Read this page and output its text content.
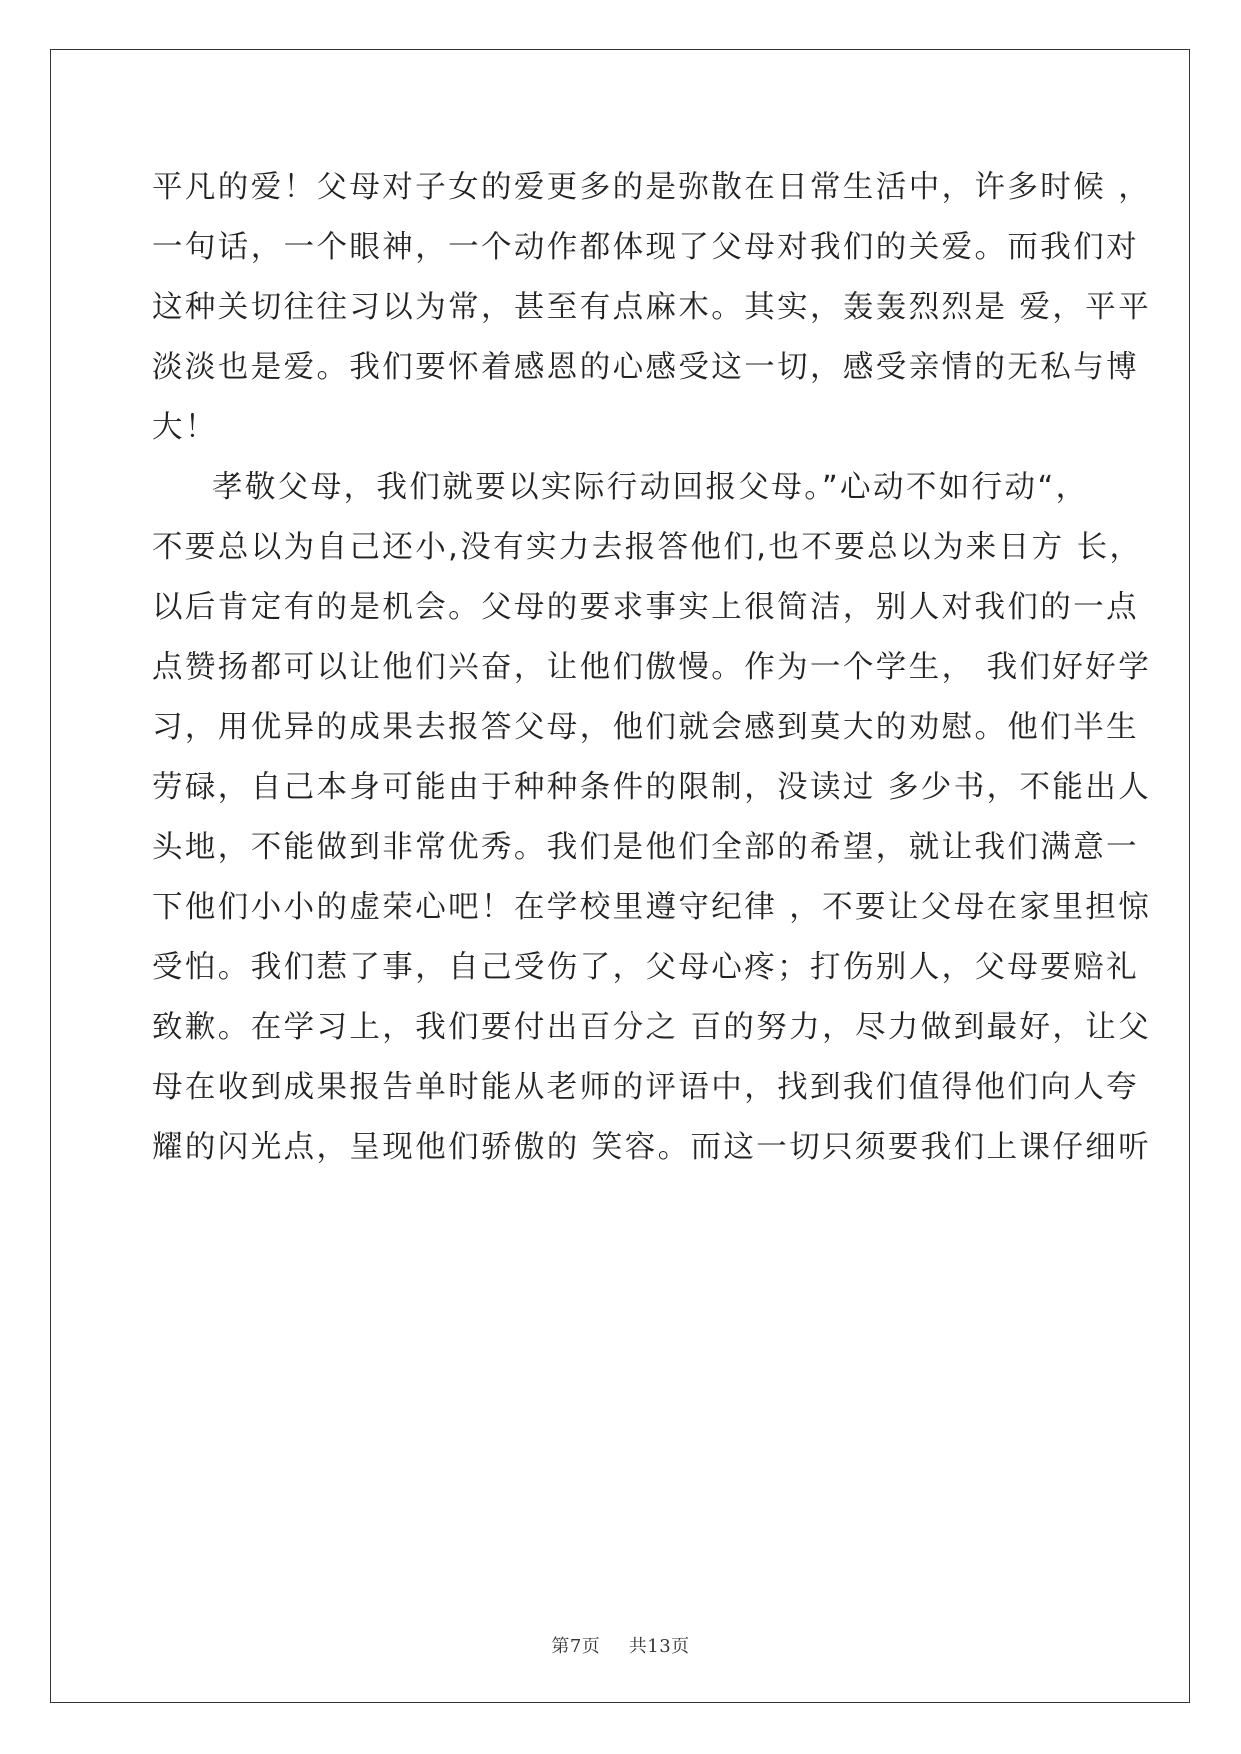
平凡的爱！父母对子女的爱更多的是弥散在日常生活中，许多时候 ，
一句话，一个眼神，一个动作都体现了父母对我们的关爱。而我们对
这种关切往往习以为常，甚至有点麻木。其实，轰轰烈烈是 爱，平平
淡淡也是爱。我们要怀着感恩的心感受这一切，感受亲情的无私与博
大！
孝敬父母，我们就要以实际行动回报父母。”心动不如行动“，
不要总以为自己还小,没有实力去报答他们,也不要总以为来日方 长，
以后肯定有的是机会。父母的要求事实上很简洁，别人对我们的一点
点赞扬都可以让他们兴奋，让他们傲慢。作为一个学生， 我们好好学
习，用优异的成果去报答父母，他们就会感到莫大的劝慰。他们半生
劳碌，自己本身可能由于种种条件的限制，没读过 多少书，不能出人
头地，不能做到非常优秀。我们是他们全部的希望，就让我们满意一
下他们小小的虚荣心吧！在学校里遵守纪律 ，不要让父母在家里担惊
受怕。我们惹了事，自己受伤了，父母心疼；打伤别人，父母要赔礼
致歉。在学习上，我们要付出百分之 百的努力，尽力做到最好，让父
母在收到成果报告单时能从老师的评语中，找到我们值得他们向人夸
耀的闪光点，呈现他们骄傲的 笑容。而这一切只须要我们上课仔细听
第7页 共13页
